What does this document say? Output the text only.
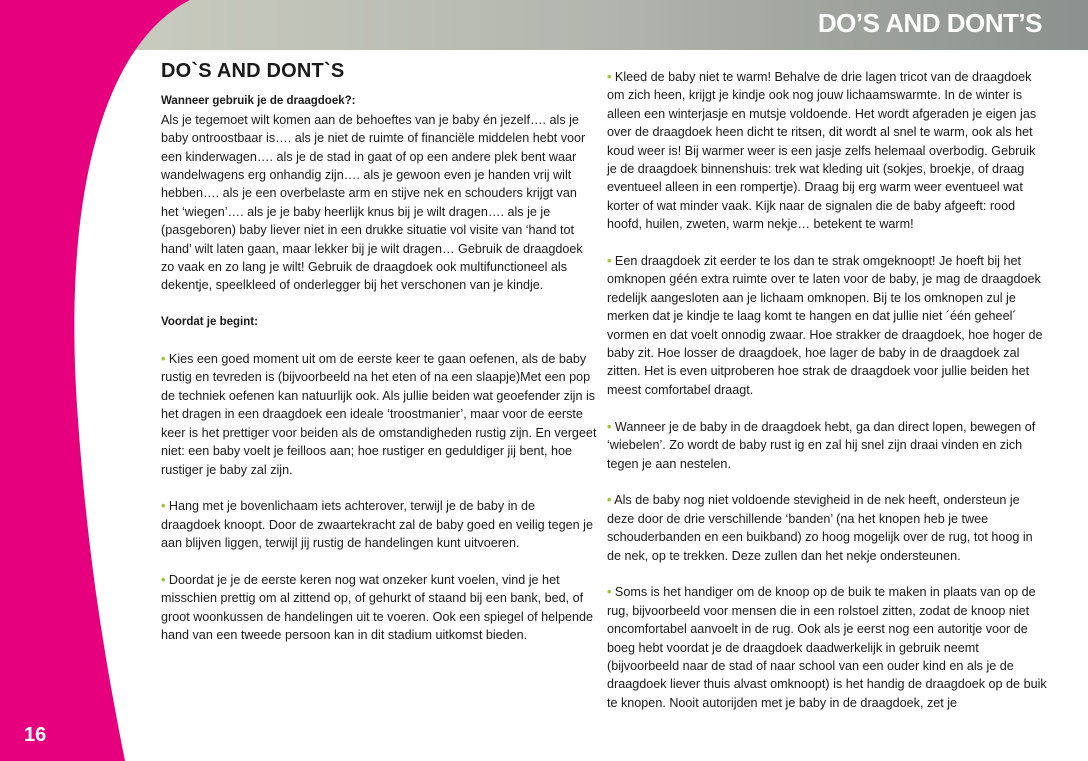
DO’S AND DONT’S
16
DO`S AND DONT`S

Wanneer gebruik je de draagdoek?:

Als je tegemoet wilt komen aan de behoeftes van je baby én jezelf…. als je baby ontroostbaar is…. als je niet de ruimte of financiële middelen hebt voor een kinderwagen…. als je de stad in gaat of op een andere plek bent waar wandelwagens erg onhandig zijn…. als je gewoon even je handen vrij wilt hebben…. als je een overbelaste arm en stijve nek en schouders krijgt van het ‘wiegen’…. als je je baby heerlijk knus bij je wilt dragen…. als je je (pasgeboren) baby liever niet in een drukke situatie vol visite van ‘hand tot hand’ wilt laten gaan, maar lekker bij je wilt dragen… Gebruik de draagdoek zo vaak en zo lang je wilt! Gebruik de draagdoek ook multifunctioneel als dekentje, speelkleed of onderlegger bij het verschonen van je kindje.

Voordat je begint:

• Kies een goed moment uit om de eerste keer te gaan oefenen, als de baby rustig en tevreden is (bijvoorbeeld na het eten of na een slaapje)Met een pop de techniek oefenen kan natuurlijk ook. Als jullie beiden wat geoefender zijn is het dragen in een draagdoek een ideale ‘troostmanier’, maar voor de eerste keer is het prettiger voor beiden als de omstandigheden rustig zijn. En vergeet niet: een baby voelt je feilloos aan; hoe rustiger en geduldiger jij bent, hoe rustiger je baby zal zijn.

• Hang met je bovenlichaam iets achterover, terwijl je de baby in de draagdoek knoopt. Door de zwaartekracht zal de baby goed en veilig tegen je aan blijven liggen, terwijl jij rustig de handelingen kunt uitvoeren.

• Doordat je je de eerste keren nog wat onzeker kunt voelen, vind je het misschien prettig om al zittend op, of gehurkt of staand bij een bank, bed, of groot woonkussen de handelingen uit te voeren. Ook een spiegel of helpende hand van een tweede persoon kan in dit stadium uitkomst bieden.

• Kleed de baby niet te warm! Behalve de drie lagen tricot van de draagdoek om zich heen, krijgt je kindje ook nog jouw lichaamswarmte. In de winter is alleen een winterjasje en mutsje voldoende. Het wordt afgeraden je eigen jas over de draagdoek heen dicht te ritsen, dit wordt al snel te warm, ook als het koud weer is! Bij warmer weer is een jasje zelfs helemaal overbodig. Gebruik je de draagdoek binnenshuis: trek wat kleding uit (sokjes, broekje, of draag eventueel alleen in een rompertje). Draag bij erg warm weer eventueel wat korter of wat minder vaak. Kijk naar de signalen die de baby afgeeft: rood hoofd, huilen, zweten, warm nekje… betekent te warm!

• Een draagdoek zit eerder te los dan te strak omgeknoopt! Je hoeft bij het omknopen géén extra ruimte over te laten voor de baby, je mag de draagdoek redelijk aangesloten aan je lichaam omknopen. Bij te los omknopen zul je merken dat je kindje te laag komt te hangen en dat jullie niet ´één geheel´ vormen en dat voelt onnodig zwaar. Hoe strakker de draagdoek, hoe hoger de baby zit. Hoe losser de draagdoek, hoe lager de baby in de draagdoek zal zitten. Het is even uitproberen hoe strak de draagdoek voor jullie beiden het meest comfortabel draagt.

• Wanneer je de baby in de draagdoek hebt, ga dan direct lopen, bewegen of ‘wiebelen’. Zo wordt de baby rust ig en zal hij snel zijn draai vinden en zich tegen je aan nestelen.

• Als de baby nog niet voldoende stevigheid in de nek heeft, ondersteun je deze door de drie verschillende ‘banden’ (na het knopen heb je twee schouderbanden en een buikband) zo hoog mogelijk over de rug, tot hoog in de nek, op te trekken. Deze zullen dan het nekje ondersteunen.

• Soms is het handiger om de knoop op de buik te maken in plaats van op de rug, bijvoorbeeld voor mensen die in een rolstoel zitten, zodat de knoop niet oncomfortabel aanvoelt in de rug. Ook als je eerst nog een autoritje voor de boeg hebt voordat je de draagdoek daadwerkelijk in gebruik neemt (bijvoorbeeld naar de stad of naar school van een ouder kind en als je de draagdoek liever thuis alvast omknoopt) is het handig de draagdoek op de buik te knopen. Nooit autorijden met je baby in de draagdoek, zet je
